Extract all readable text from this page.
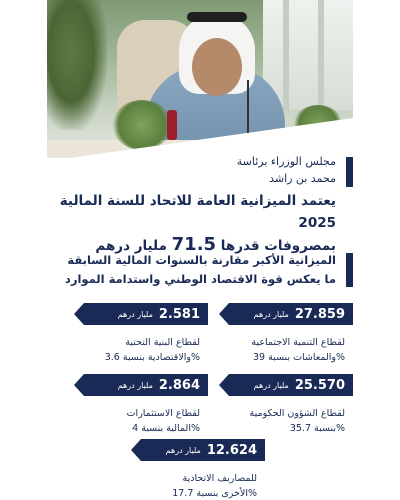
مجلس الوزراء برئاسة
محمد بن راشد
يعتمد الميزانية العامة للاتحاد للسنة المالية 2025
بمصروفات قدرها 71.5 مليار درهم
الميزانية الأكبر مقارنة بالسنوات المالية السابقة
ما يعكس قوة الاقتصاد الوطني واستدامة الموارد
مليار درهم 27.859
لقطاع التنمية الاجتماعية
والمعاشات بنسبة 39%
مليار درهم 2.581
لقطاع البنية التحتية
والاقتصادية بنسبة 3.6%
مليار درهم 25.570
لقطاع الشؤون الحكومية
بنسبة 35.7%
مليار درهم 2.864
لقطاع الاستثمارات
المالية بنسبة 4%
مليار درهم 12.624
للمصاريف الاتحادية
الأخرى بنسبة 17.7%
